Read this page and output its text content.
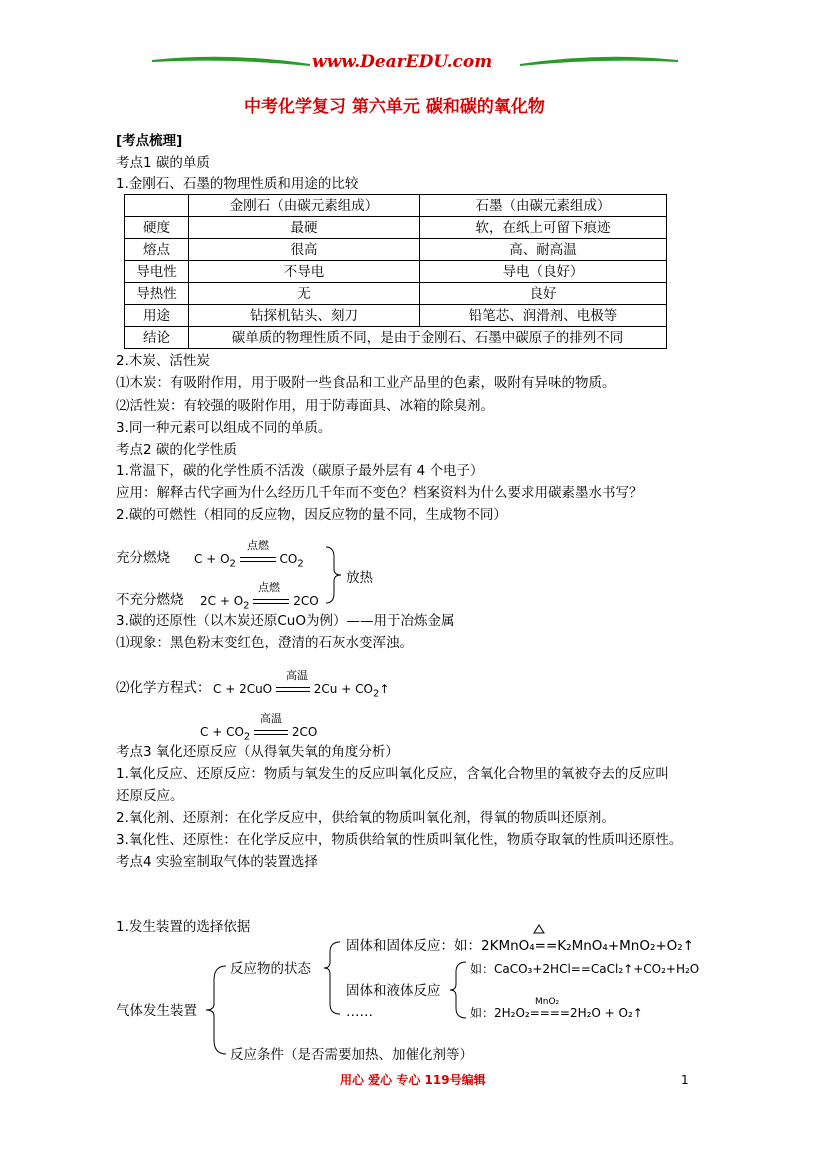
www.DearEDU.com
中考化学复习 第六单元 碳和碳的氧化物
[考点梳理]
考点1 碳的单质
1.金刚石、石墨的物理性质和用途的比较
	金刚石（由碳元素组成）	石墨（由碳元素组成）
硬度	最硬	软，在纸上可留下痕迹
熔点	很高	高、耐高温
导电性	不导电	导电（良好）
导热性	无	良好
用途	钻探机钻头、刻刀	铅笔芯、润滑剂、电极等
结论	碳单质的物理性质不同，是由于金刚石、石墨中碳原子的排列不同	
2.木炭、活性炭
⑴木炭：有吸附作用，用于吸附一些食品和工业产品里的色素，吸附有异味的物质。
⑵活性炭：有较强的吸附作用，用于防毒面具、冰箱的除臭剂。
3.同一种元素可以组成不同的单质。
考点2 碳的化学性质
1.常温下，碳的化学性质不活泼（碳原子最外层有 4 个电子）
应用：解释古代字画为什么经历几千年而不变色？档案资料为什么要求用碳素墨水书写？
2.碳的可燃性（相同的反应物，因反应物的量不同，生成物不同）
充分燃烧
点燃
$C + O_2$	$CO_2$
放热
不充分燃烧
点燃
$2C + O_2$	2CO
3.碳的还原性（以木炭还原CuO为例）——用于冶炼金属
⑴现象：黑色粉末变红色，澄清的石灰水变浑浊。
⑵化学方程式：
高温
C + 2CuO	$2Cu + CO_2↑$
高温
$C + CO_2$	2CO
考点3 氧化还原反应（从得氧失氧的角度分析）
1.氧化反应、还原反应：物质与氧发生的反应叫氧化反应，含氧化合物里的氧被夺去的反应叫
还原反应。
2.氧化剂、还原剂：在化学反应中，供给氧的物质叫氧化剂，得氧的物质叫还原剂。
3.氧化性、还原性：在化学反应中，物质供给氧的性质叫氧化性，物质夺取氧的性质叫还原性。
考点4 实验室制取气体的装置选择
1.发生装置的选择依据
气体发生装置
反应物的状态
固体和固体反应：如：2KMnO₄==K₂MnO₄+MnO₂+O₂↑
固体和液体反应
如：CaCO₃+2HCl==CaCl₂↑+CO₂+H₂O
MnO₂
如：2H₂O₂====2H₂O + O₂↑
……
反应条件（是否需要加热、加催化剂等）
用心 爱心 专心 119号编辑	1
